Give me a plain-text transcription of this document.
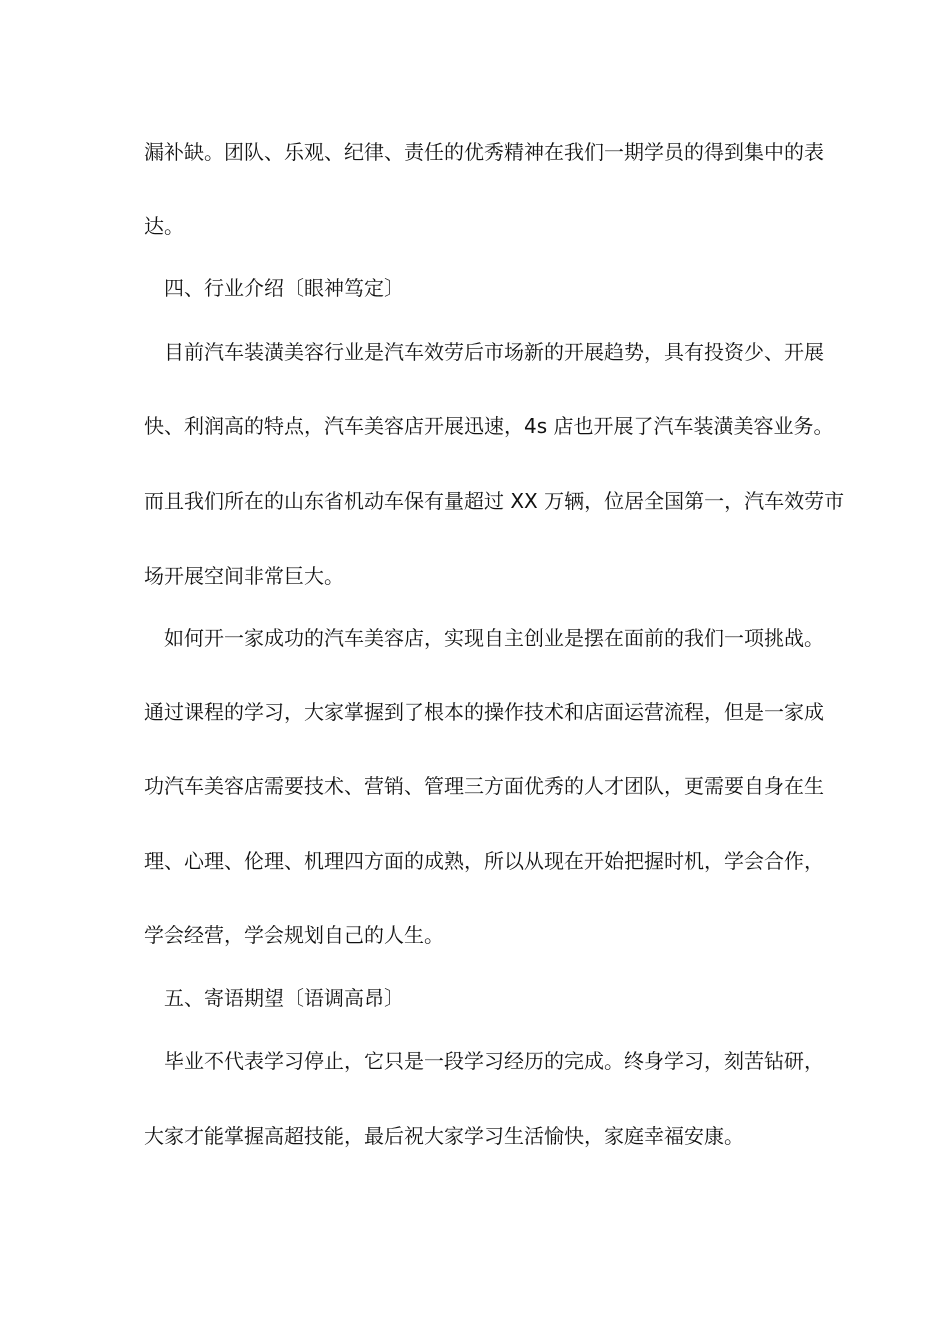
漏补缺。团队、乐观、纪律、责任的优秀精神在我们一期学员的得到集中的表
达。
四、行业介绍〔眼神笃定〕
目前汽车装潢美容行业是汽车效劳后市场新的开展趋势，具有投资少、开展
快、利润高的特点，汽车美容店开展迅速，4s 店也开展了汽车装潢美容业务。
而且我们所在的山东省机动车保有量超过 XX 万辆，位居全国第一，汽车效劳市
场开展空间非常巨大。
如何开一家成功的汽车美容店，实现自主创业是摆在面前的我们一项挑战。
通过课程的学习，大家掌握到了根本的操作技术和店面运营流程，但是一家成
功汽车美容店需要技术、营销、管理三方面优秀的人才团队，更需要自身在生
理、心理、伦理、机理四方面的成熟，所以从现在开始把握时机，学会合作，
学会经营，学会规划自己的人生。
五、寄语期望〔语调高昂〕
毕业不代表学习停止，它只是一段学习经历的完成。终身学习，刻苦钻研，
大家才能掌握高超技能，最后祝大家学习生活愉快，家庭幸福安康。
